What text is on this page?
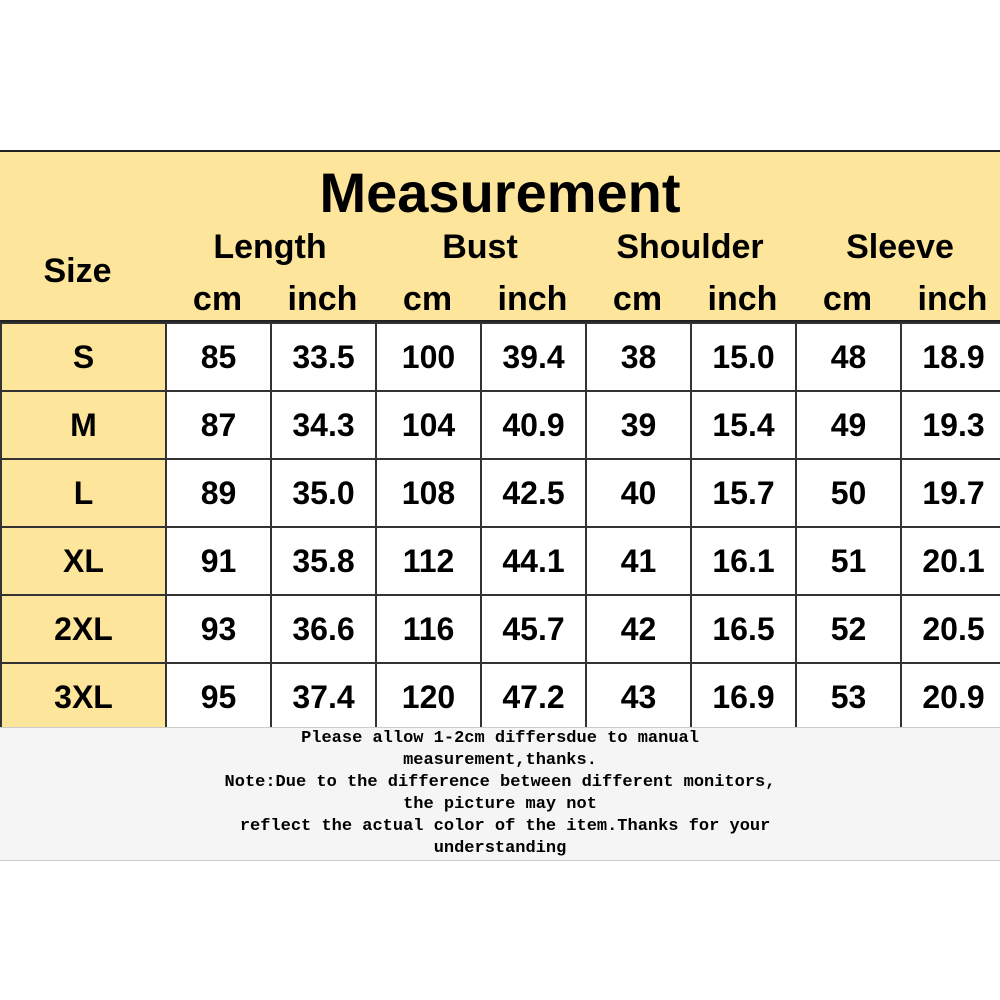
Measurement
Size
Length	Bust	Shoulder	Sleeve
cm	inch	cm	inch	cm	inch	cm	inch
S	85	33.5	100	39.4	38	15.0	48	18.9
M	87	34.3	104	40.9	39	15.4	49	19.3
L	89	35.0	108	42.5	40	15.7	50	19.7
XL	91	35.8	112	44.1	41	16.1	51	20.1
2XL	93	36.6	116	45.7	42	16.5	52	20.5
3XL	95	37.4	120	47.2	43	16.9	53	20.9
Please allow 1-2cm differsdue to manual
measurement,thanks.
Note:Due to the difference between different monitors,
the picture may not
reflect the actual color of the item.Thanks for your
understanding
